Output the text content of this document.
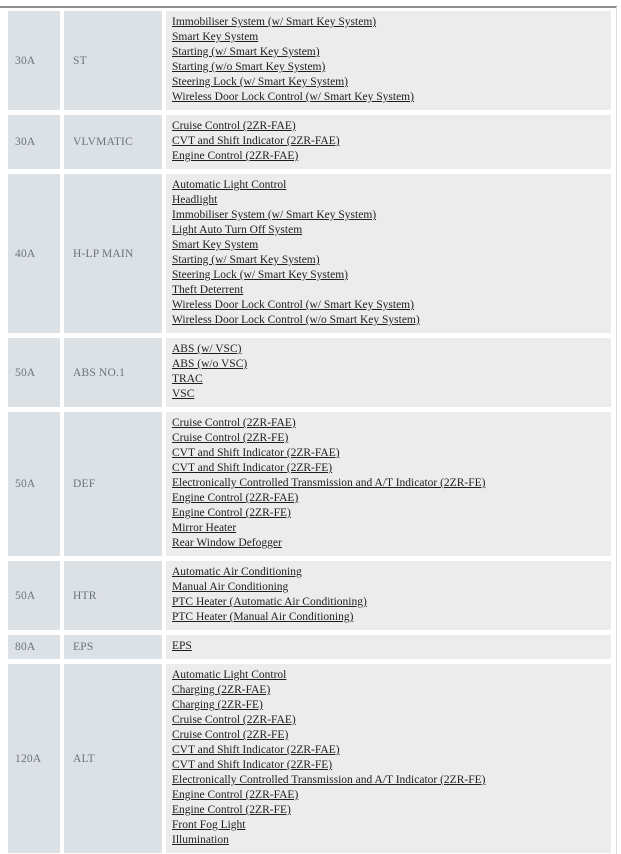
30A	ST
Immobiliser System (w/ Smart Key System)
Smart Key System
Starting (w/ Smart Key System)
Starting (w/o Smart Key System)
Steering Lock (w/ Smart Key System)
Wireless Door Lock Control (w/ Smart Key System)
30A	VLVMATIC
Cruise Control (2ZR-FAE)
CVT and Shift Indicator (2ZR-FAE)
Engine Control (2ZR-FAE)
40A	H-LP MAIN
Automatic Light Control
Headlight
Immobiliser System (w/ Smart Key System)
Light Auto Turn Off System
Smart Key System
Starting (w/ Smart Key System)
Steering Lock (w/ Smart Key System)
Theft Deterrent
Wireless Door Lock Control (w/ Smart Key System)
Wireless Door Lock Control (w/o Smart Key System)
50A	ABS NO.1
ABS (w/ VSC)
ABS (w/o VSC)
TRAC
VSC
50A	DEF
Cruise Control (2ZR-FAE)
Cruise Control (2ZR-FE)
CVT and Shift Indicator (2ZR-FAE)
CVT and Shift Indicator (2ZR-FE)
Electronically Controlled Transmission and A/T Indicator (2ZR-FE)
Engine Control (2ZR-FAE)
Engine Control (2ZR-FE)
Mirror Heater
Rear Window Defogger
50A	HTR
Automatic Air Conditioning
Manual Air Conditioning
PTC Heater (Automatic Air Conditioning)
PTC Heater (Manual Air Conditioning)
80A	EPS	EPS
120A	ALT
Automatic Light Control
Charging (2ZR-FAE)
Charging (2ZR-FE)
Cruise Control (2ZR-FAE)
Cruise Control (2ZR-FE)
CVT and Shift Indicator (2ZR-FAE)
CVT and Shift Indicator (2ZR-FE)
Electronically Controlled Transmission and A/T Indicator (2ZR-FE)
Engine Control (2ZR-FAE)
Engine Control (2ZR-FE)
Front Fog Light
Illumination
